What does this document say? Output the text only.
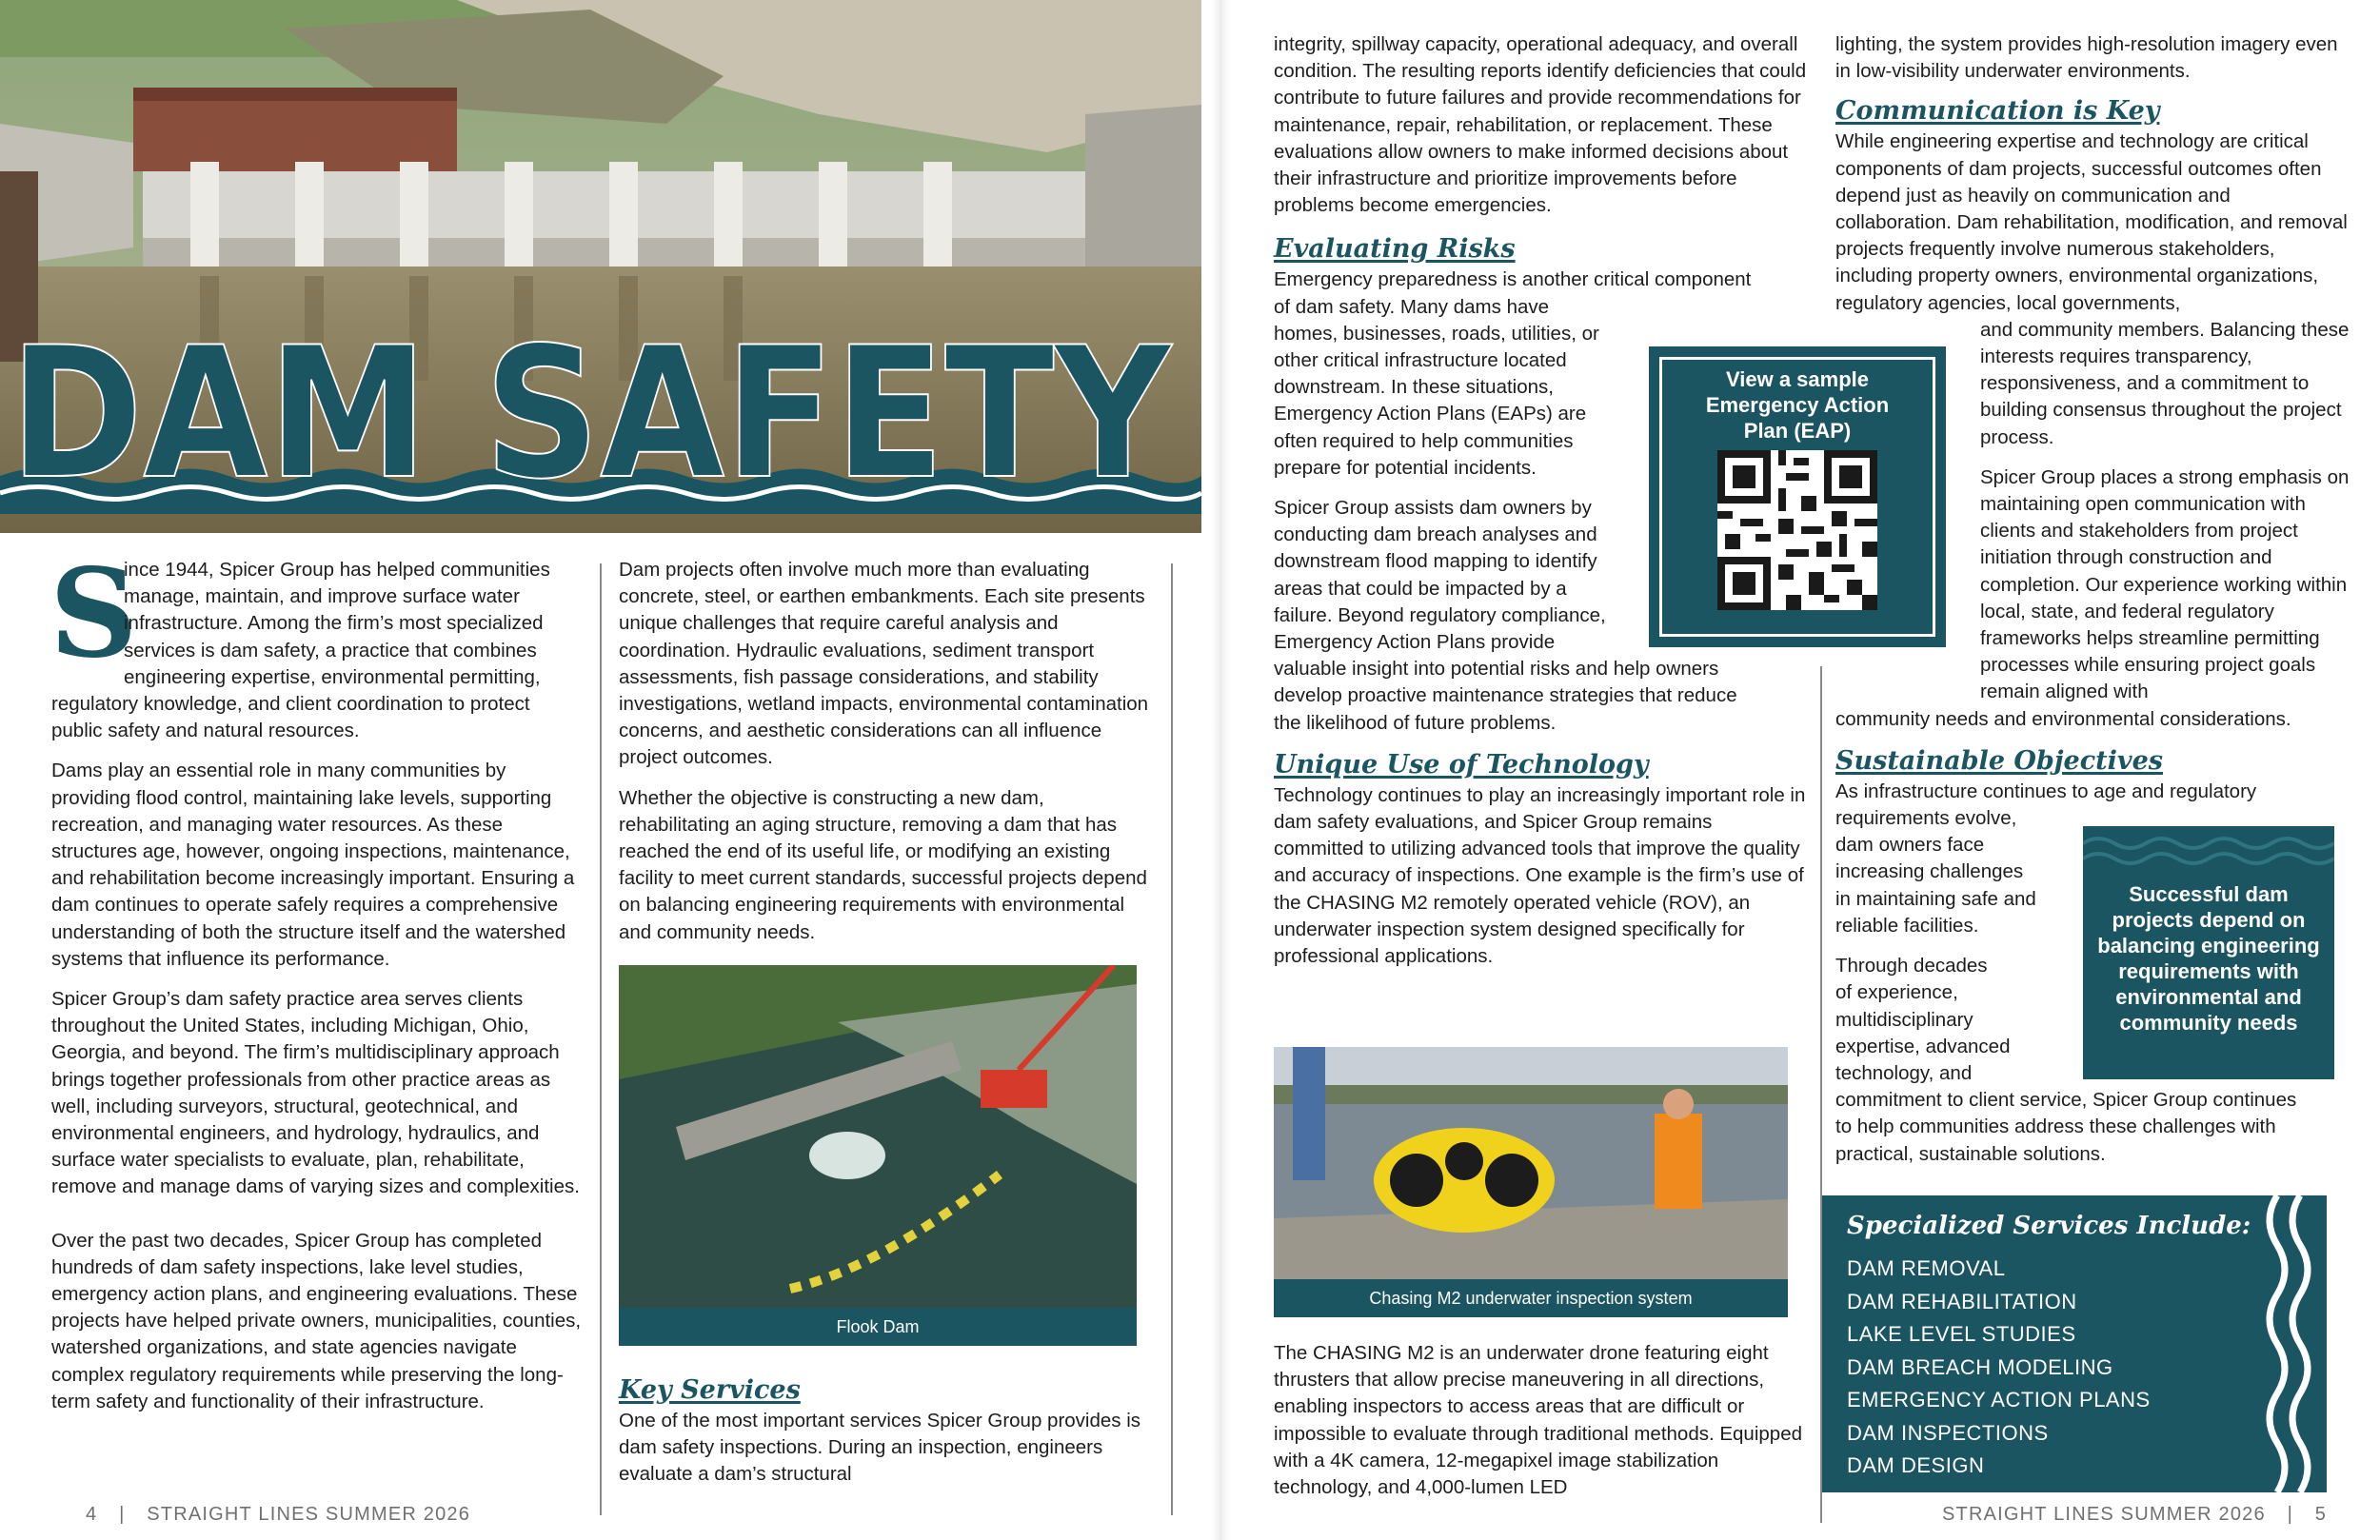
DAM SAFETY
S

ince 1944, Spicer Group has helped communities manage, maintain, and improve surface water infrastructure. Among the firm’s most specialized services is dam safety, a practice that combines engineering expertise, environmental permitting, regulatory knowledge, and client coordination to protect public safety and natural resources.

Dams play an essential role in many communities by providing flood control, maintaining lake levels, supporting recreation, and managing water resources. As these structures age, however, ongoing inspections, maintenance, and rehabilitation become increasingly important. Ensuring a dam continues to operate safely requires a comprehensive understanding of both the structure itself and the watershed systems that influence its performance.

Spicer Group’s dam safety practice area serves clients throughout the United States, including Michigan, Ohio, Georgia, and beyond. The firm’s multidisciplinary approach brings together professionals from other practice areas as well, including surveyors, structural, geotechnical, and environmental engineers, and hydrology, hydraulics, and surface water specialists to evaluate, plan, rehabilitate, remove and manage dams of varying sizes and complexities.

Over the past two decades, Spicer Group has completed hundreds of dam safety inspections, lake level studies, emergency action plans, and engineering evaluations. These projects have helped private owners, municipalities, counties, watershed organizations, and state agencies navigate complex regulatory requirements while preserving the long-term safety and functionality of their infrastructure.

Dam projects often involve much more than evaluating concrete, steel, or earthen embankments. Each site presents unique challenges that require careful analysis and coordination. Hydraulic evaluations, sediment transport assessments, fish passage considerations, and stability investigations, wetland impacts, environmental contamination concerns, and aesthetic considerations can all influence project outcomes.

Whether the objective is constructing a new dam, rehabilitating an aging structure, removing a dam that has reached the end of its useful life, or modifying an existing facility to meet current standards, successful projects depend on balancing engineering requirements with environmental and community needs.

Flook Dam
Key Services

One of the most important services Spicer Group provides is dam safety inspections. During an inspection, engineers evaluate a dam’s structural

4 | STRAIGHT LINES SUMMER 2026

integrity, spillway capacity, operational adequacy, and overall condition. The resulting reports identify deficiencies that could contribute to future failures and provide recommendations for maintenance, repair, rehabilitation, or replacement. These evaluations allow owners to make informed decisions about their infrastructure and prioritize improvements before problems become emergencies.

Evaluating Risks
Emergency preparedness is another critical component
of dam safety. Many dams have
homes, businesses, roads, utilities, or
other critical infrastructure located
downstream. In these situations,
Emergency Action Plans (EAPs) are
often required to help communities
prepare for potential incidents.
Spicer Group assists dam owners by
conducting dam breach analyses and
downstream flood mapping to identify
areas that could be impacted by a
failure. Beyond regulatory compliance,
Emergency Action Plans provide
valuable insight into potential risks and help owners
develop proactive maintenance strategies that reduce
the likelihood of future problems.
Unique Use of Technology

Technology continues to play an increasingly important role in dam safety evaluations, and Spicer Group remains committed to utilizing advanced tools that improve the quality and accuracy of inspections. One example is the firm’s use of the CHASING M2 remotely operated vehicle (ROV), an underwater inspection system designed specifically for professional applications.

View a sample Emergency Action Plan (EAP)
Chasing M2 underwater inspection system

The CHASING M2 is an underwater drone featuring eight thrusters that allow precise maneuvering in all directions, enabling inspectors to access areas that are difficult or impossible to evaluate through traditional methods. Equipped with a 4K camera, 12-megapixel image stabilization technology, and 4,000-lumen LED

lighting, the system provides high-resolution imagery even in low-visibility underwater environments.

Communication is Key

While engineering expertise and technology are critical components of dam projects, successful outcomes often depend just as heavily on communication and collaboration. Dam rehabilitation, modification, and removal projects frequently involve numerous stakeholders, including property owners, environmental organizations, regulatory agencies, local governments,

and community members. Balancing these interests requires transparency, responsiveness, and a commitment to building consensus throughout the project process.

Spicer Group places a strong emphasis on maintaining open communication with clients and stakeholders from project initiation through construction and completion. Our experience working within local, state, and federal regulatory frameworks helps streamline permitting processes while ensuring project goals remain aligned with

community needs and environmental considerations.

Sustainable Objectives
As infrastructure continues to age and regulatory
requirements evolve,
dam owners face
increasing challenges
in maintaining safe and
reliable facilities.
Through decades
of experience,
multidisciplinary
expertise, advanced
technology, and
commitment to client service, Spicer Group continues
to help communities address these challenges with
practical, sustainable solutions.
Successful dam projects depend on balancing engineering requirements with environmental and community needs
Specialized Services Include:
DAM REMOVAL
DAM REHABILITATION
LAKE LEVEL STUDIES
DAM BREACH MODELING
EMERGENCY ACTION PLANS
DAM INSPECTIONS
DAM DESIGN
STRAIGHT LINES SUMMER 2026 | 5
